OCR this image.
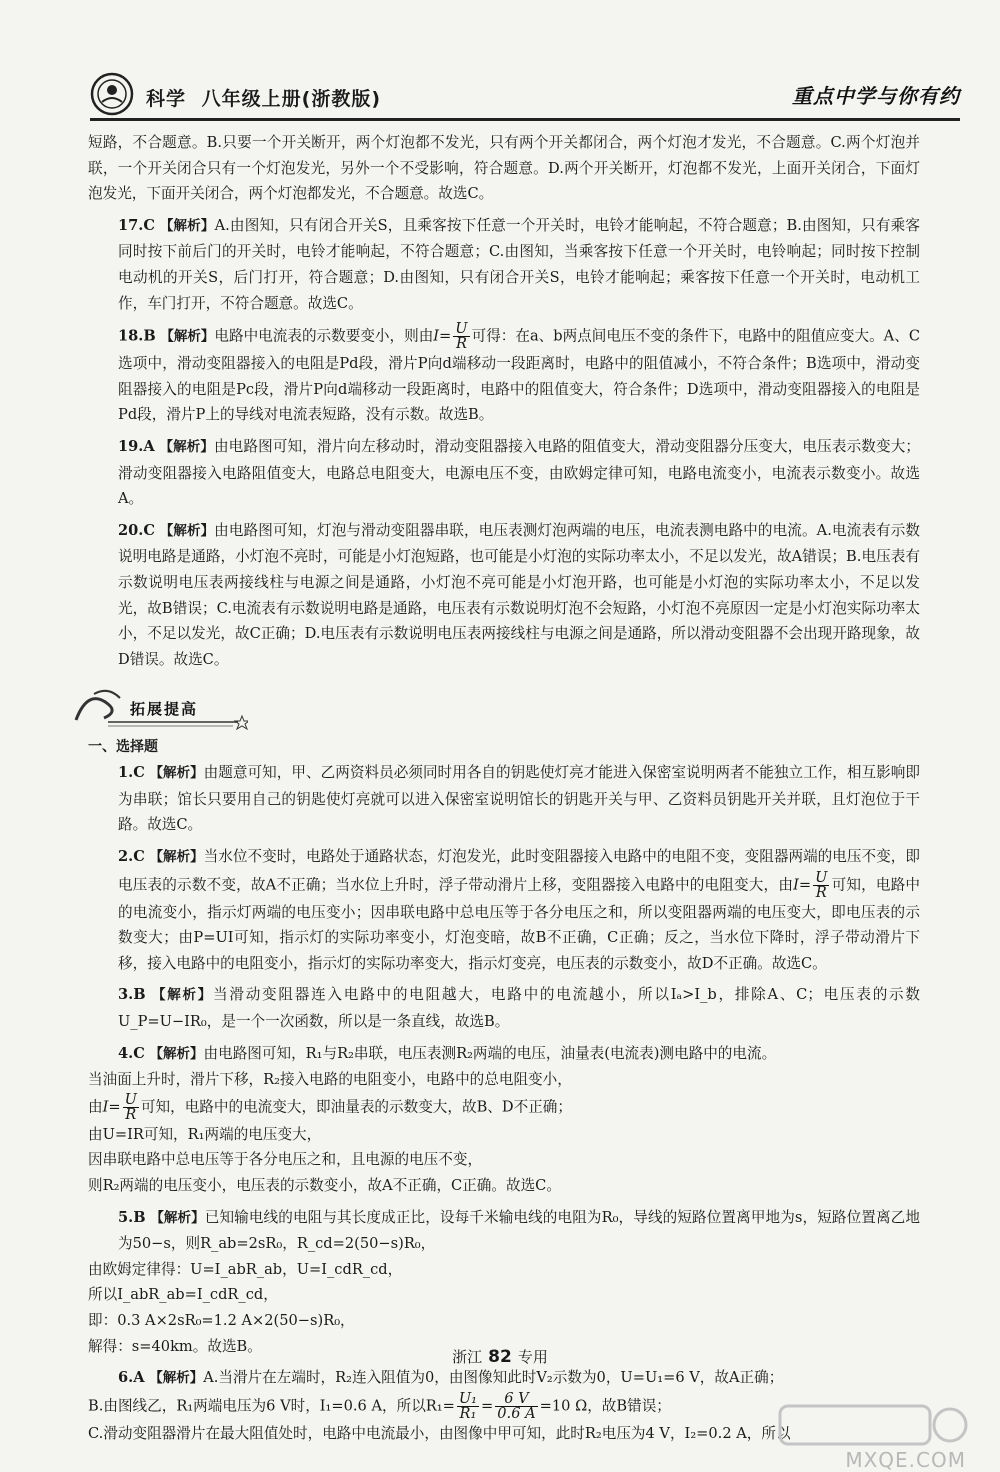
科学 八年级上册(浙教版)	重点中学与你有约

短路，不合题意。B.只要一个开关断开，两个灯泡都不发光，只有两个开关都闭合，两个灯泡才发光，不合题意。C.两个灯泡并联，一个开关闭合只有一个灯泡发光，另外一个不受影响，符合题意。D.两个开关断开，灯泡都不发光，上面开关闭合，下面灯泡发光，下面开关闭合，两个灯泡都发光，不合题意。故选C。

17.C 【解析】A.由图知，只有闭合开关S，且乘客按下任意一个开关时，电铃才能响起，不符合题意；B.由图知，只有乘客同时按下前后门的开关时，电铃才能响起，不符合题意；C.由图知，当乘客按下任意一个开关时，电铃响起；同时按下控制电动机的开关S，后门打开，符合题意；D.由图知，只有闭合开关S，电铃才能响起；乘客按下任意一个开关时，电动机工作，车门打开，不符合题意。故选C。

18.B 【解析】电路中电流表的示数要变小，则由$I= \frac{U}{R}$ 可得：在a、b两点间电压不变的条件下，电路中的阻值应变大。A、C选项中，滑动变阻器接入的电阻是Pd段，滑片P向d端移动一段距离时，电路中的阻值减小，不符合条件；B选项中，滑动变阻器接入的电阻是Pc段，滑片P向d端移动一段距离时，电路中的阻值变大，符合条件；D选项中，滑动变阻器接入的电阻是Pd段，滑片P上的导线对电流表短路，没有示数。故选B。

19.A 【解析】由电路图可知，滑片向左移动时，滑动变阻器接入电路的阻值变大，滑动变阻器分压变大，电压表示数变大；滑动变阻器接入电路阻值变大，电路总电阻变大，电源电压不变，由欧姆定律可知，电路电流变小，电流表示数变小。故选A。

20.C 【解析】由电路图可知，灯泡与滑动变阻器串联，电压表测灯泡两端的电压，电流表测电路中的电流。A.电流表有示数说明电路是通路，小灯泡不亮时，可能是小灯泡短路，也可能是小灯泡的实际功率太小，不足以发光，故A错误；B.电压表有示数说明电压表两接线柱与电源之间是通路，小灯泡不亮可能是小灯泡开路，也可能是小灯泡的实际功率太小，不足以发光，故B错误；C.电流表有示数说明电路是通路，电压表有示数说明灯泡不会短路，小灯泡不亮原因一定是小灯泡实际功率太小，不足以发光，故C正确；D.电压表有示数说明电压表两接线柱与电源之间是通路，所以滑动变阻器不会出现开路现象，故D错误。故选C。

拓展提高
一、选择题

1.C 【解析】由题意可知，甲、乙两资料员必须同时用各自的钥匙使灯亮才能进入保密室说明两者不能独立工作，相互影响即为串联；馆长只要用自己的钥匙使灯亮就可以进入保密室说明馆长的钥匙开关与甲、乙资料员钥匙开关并联，且灯泡位于干路。故选C。

2.C 【解析】当水位不变时，电路处于通路状态，灯泡发光，此时变阻器接入电路中的电阻不变，变阻器两端的电压不变，即电压表的示数不变，故A不正确；当水位上升时，浮子带动滑片上移，变阻器接入电路中的电阻变大，由$I= \frac{U}{R}$ 可知，电路中的电流变小，指示灯两端的电压变小；因串联电路中总电压等于各分电压之和，所以变阻器两端的电压变大，即电压表的示数变大；由P=UI可知，指示灯的实际功率变小，灯泡变暗，故B不正确，C正确；反之，当水位下降时，浮子带动滑片下移，接入电路中的电阻变小，指示灯的实际功率变大，指示灯变亮，电压表的示数变小，故D不正确。故选C。

3.B 【解析】当滑动变阻器连入电路中的电阻越大，电路中的电流越小，所以Iₐ>I_b，排除A、C；电压表的示数U_P=U−IR₀，是一个一次函数，所以是一条直线，故选B。

4.C 【解析】由电路图可知，R₁与R₂串联，电压表测R₂两端的电压，油量表(电流表)测电路中的电流。

当油面上升时，滑片下移，R₂接入电路的电阻变小，电路中的总电阻变小，

由$I= \frac{U}{R}$ 可知，电路中的电流变大，即油量表的示数变大，故B、D不正确；

由U=IR可知，R₁两端的电压变大，

因串联电路中总电压等于各分电压之和，且电源的电压不变，

则R₂两端的电压变小，电压表的示数变小，故A不正确，C正确。故选C。

5.B 【解析】已知输电线的电阻与其长度成正比，设每千米输电线的电阻为R₀，导线的短路位置离甲地为s，短路位置离乙地为50−s，则R_ab=2sR₀，R_cd=2(50−s)R₀，

由欧姆定律得：U=I_abR_ab，U=I_cdR_cd，

所以I_abR_ab=I_cdR_cd，

即：0.3 A×2sR₀=1.2 A×2(50−s)R₀，

解得：s=40km。故选B。

6.A 【解析】A.当滑片在左端时，R₂连入阻值为0，由图像知此时V₂示数为0，U=U₁=6 V，故A正确；

B.由图线乙，R₁两端电压为6 V时，I₁=0.6 A，所以$R_1= \frac{\text{U₁}}{\text{R₁}} = \frac{6 V}{0.6 A} =10$ Ω，故B错误；

C.滑动变阻器滑片在最大阻值处时，电路中电流最小，由图像中甲可知，此时R₂电压为4 V，I₂=0.2 A，所以

浙江 82 专用
MXQE.COM
